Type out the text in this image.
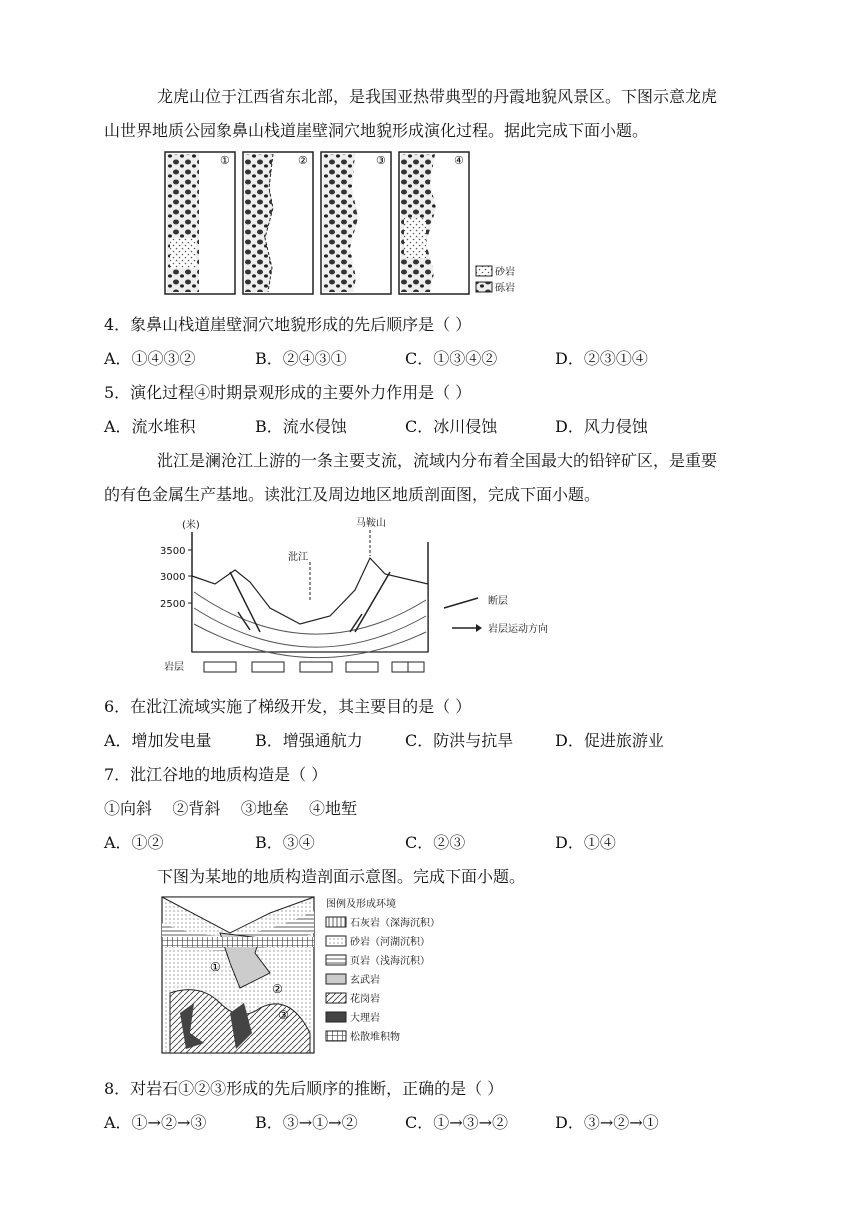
龙虎山位于江西省东北部，是我国亚热带典型的丹霞地貌风景区。下图示意龙虎
山世界地质公园象鼻山栈道崖壁洞穴地貌形成演化过程。据此完成下面小题。
①	②	③	④
砂岩
砾岩
4．象鼻山栈道崖壁洞穴地貌形成的先后顺序是（ ）
A．①④③②	B．②④③①	C．①③④②	D．②③①④
5．演化过程④时期景观形成的主要外力作用是（ ）
A．流水堆积	B．流水侵蚀	C．冰川侵蚀	D．风力侵蚀
沘江是澜沧江上游的一条主要支流，流域内分布着全国最大的铅锌矿区，是重要
的有色金属生产基地。读沘江及周边地区地质剖面图，完成下面小题。
(米)
3500
3000
2500
沘江
马鞍山
断层
岩层运动方向
岩层
6．在沘江流域实施了梯级开发，其主要目的是（ ）
A．增加发电量	B．增强通航力	C．防洪与抗旱	D．促进旅游业
7．沘江谷地的地质构造是（ ）
①向斜    ②背斜    ③地垒    ④地堑
A．①②	B．③④	C．②③	D．①④
下图为某地的地质构造剖面示意图。完成下面小题。
①
②
③
图例及形成环境
石灰岩（深海沉积）
砂岩（河湖沉积）
页岩（浅海沉积）
玄武岩
花岗岩
大理岩
松散堆积物
8．对岩石①②③形成的先后顺序的推断，正确的是（ ）
A．①→②→③	B．③→①→②	C．①→③→②	D．③→②→①
